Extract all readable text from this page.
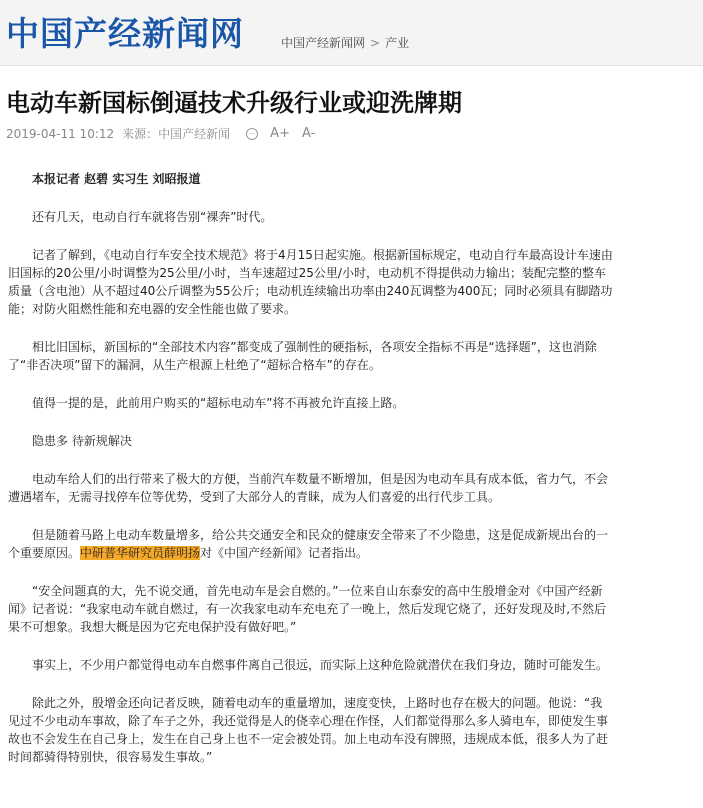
中国产经新闻网	中国产经新闻网 > 产业
电动车新国标倒逼技术升级行业或迎洗牌期
2019-04-11 10:12 来源： 中国产经新闻	··· A+ A-

本报记者 赵碧 实习生 刘昭报道

还有几天，电动自行车就将告别“裸奔”时代。

记者了解到，《电动自行车安全技术规范》将于4月15日起实施。根据新国标规定，电动自行车最高设计车速由旧国标的20公里/小时调整为25公里/小时，当车速超过25公里/小时，电动机不得提供动力输出；装配完整的整车质量（含电池）从不超过40公斤调整为55公斤；电动机连续输出功率由240瓦调整为400瓦；同时必须具有脚踏功能；对防火阻燃性能和充电器的安全性能也做了要求。

相比旧国标，新国标的“全部技术内容”都变成了强制性的硬指标，各项安全指标不再是“选择题”，这也消除了“非否决项”留下的漏洞，从生产根源上杜绝了“超标合格车”的存在。

值得一提的是，此前用户购买的“超标电动车”将不再被允许直接上路。

隐患多 待新规解决

电动车给人们的出行带来了极大的方便，当前汽车数量不断增加，但是因为电动车具有成本低，省力气，不会遭遇堵车，无需寻找停车位等优势，受到了大部分人的青睐，成为人们喜爱的出行代步工具。

但是随着马路上电动车数量增多，给公共交通安全和民众的健康安全带来了不少隐患，这是促成新规出台的一个重要原因。中研普华研究员薛明扬对《中国产经新闻》记者指出。

“安全问题真的大，先不说交通，首先电动车是会自燃的。”一位来自山东泰安的高中生殷增金对《中国产经新闻》记者说：“我家电动车就自燃过，有一次我家电动车充电充了一晚上，然后发现它烧了，还好发现及时,不然后果不可想象。我想大概是因为它充电保护没有做好吧。”

事实上，不少用户都觉得电动车自燃事件离自己很远，而实际上这种危险就潜伏在我们身边，随时可能发生。

除此之外，殷增金还向记者反映，随着电动车的重量增加，速度变快，上路时也存在极大的问题。他说：“我见过不少电动车事故，除了车子之外，我还觉得是人的侥幸心理在作怪，人们都觉得那么多人骑电车，即使发生事故也不会发生在自己身上，发生在自己身上也不一定会被处罚。加上电动车没有牌照，违规成本低，很多人为了赶时间都骑得特别快，很容易发生事故。”
